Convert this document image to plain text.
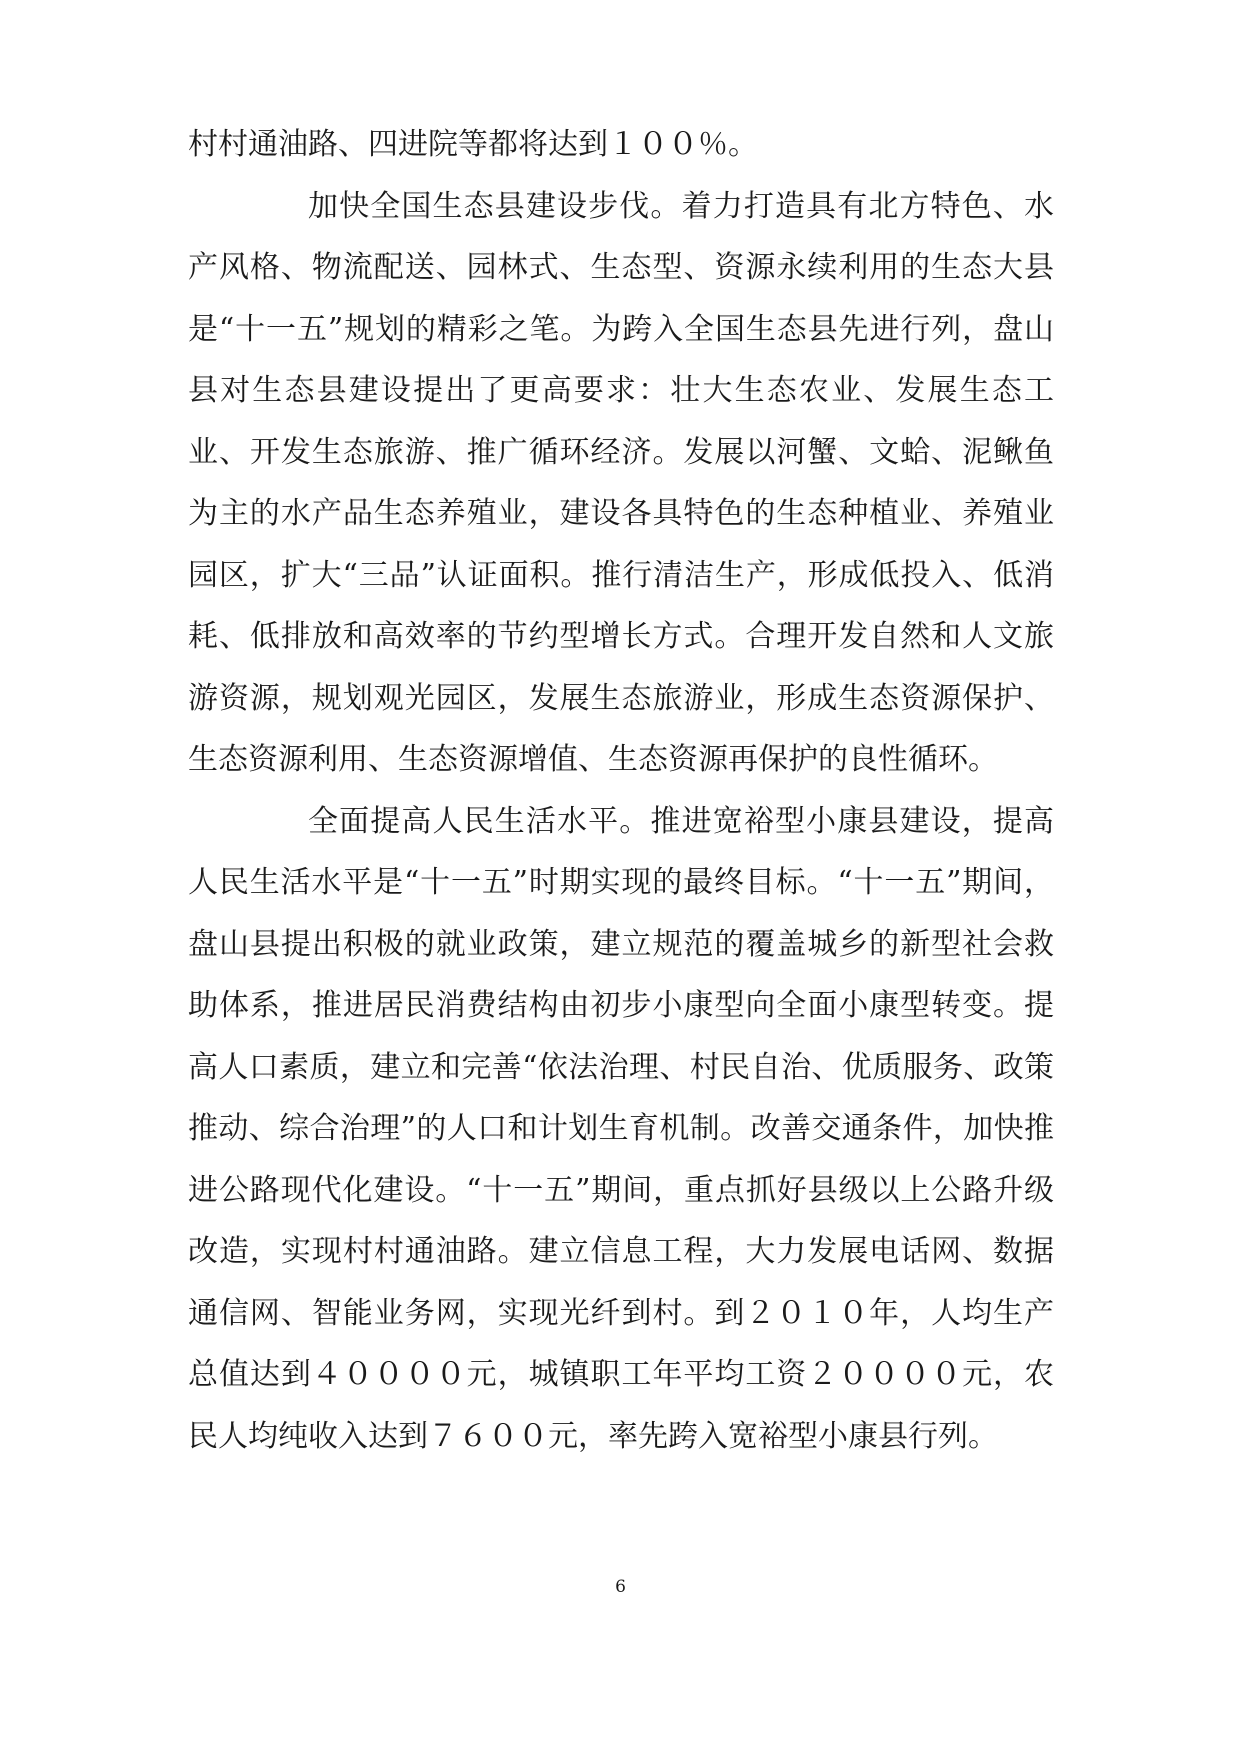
村村通油路、四进院等都将达到１００％。

加快全国生态县建设步伐。着力打造具有北方特色、水产风格、物流配送、园林式、生态型、资源永续利用的生态大县是“十一五”规划的精彩之笔。为跨入全国生态县先进行列，盘山县对生态县建设提出了更高要求：壮大生态农业、发展生态工业、开发生态旅游、推广循环经济。发展以河蟹、文蛤、泥鳅鱼为主的水产品生态养殖业，建设各具特色的生态种植业、养殖业园区，扩大“三品”认证面积。推行清洁生产，形成低投入、低消耗、低排放和高效率的节约型增长方式。合理开发自然和人文旅游资源，规划观光园区，发展生态旅游业，形成生态资源保护、生态资源利用、生态资源增值、生态资源再保护的良性循环。

全面提高人民生活水平。推进宽裕型小康县建设，提高人民生活水平是“十一五”时期实现的最终目标。“十一五”期间，盘山县提出积极的就业政策，建立规范的覆盖城乡的新型社会救助体系，推进居民消费结构由初步小康型向全面小康型转变。提高人口素质，建立和完善“依法治理、村民自治、优质服务、政策推动、综合治理”的人口和计划生育机制。改善交通条件，加快推进公路现代化建设。“十一五”期间，重点抓好县级以上公路升级改造，实现村村通油路。建立信息工程，大力发展电话网、数据通信网、智能业务网，实现光纤到村。到２０１０年，人均生产总值达到４００００元，城镇职工年平均工资２００００元，农民人均纯收入达到７６００元，率先跨入宽裕型小康县行列。

6
